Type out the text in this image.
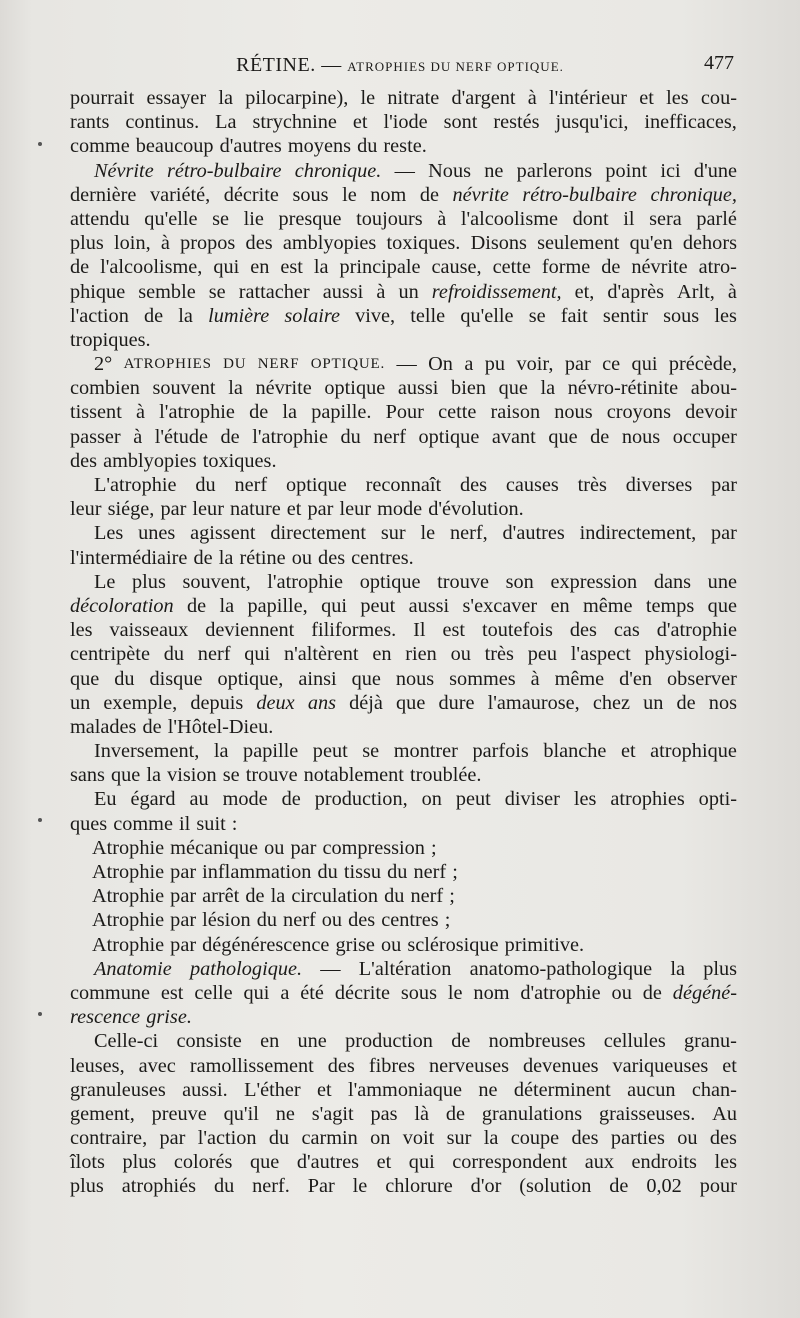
RÉTINE. — ATROPHIES DU NERF OPTIQUE.	477
pourrait essayer la pilocarpine), le nitrate d'argent à l'intérieur et les cou-
rants continus. La strychnine et l'iode sont restés jusqu'ici, inefficaces,
comme beaucoup d'autres moyens du reste.
Névrite rétro-bulbaire chronique. — Nous ne parlerons point ici d'une
dernière variété, décrite sous le nom de névrite rétro-bulbaire chronique,
attendu qu'elle se lie presque toujours à l'alcoolisme dont il sera parlé
plus loin, à propos des amblyopies toxiques. Disons seulement qu'en dehors
de l'alcoolisme, qui en est la principale cause, cette forme de névrite atro-
phique semble se rattacher aussi à un refroidissement, et, d'après Arlt, à
l'action de la lumière solaire vive, telle qu'elle se fait sentir sous les
tropiques.
2° ATROPHIES DU NERF OPTIQUE. — On a pu voir, par ce qui précède,
combien souvent la névrite optique aussi bien que la névro-rétinite abou-
tissent à l'atrophie de la papille. Pour cette raison nous croyons devoir
passer à l'étude de l'atrophie du nerf optique avant que de nous occuper
des amblyopies toxiques.
L'atrophie du nerf optique reconnaît des causes très diverses par
leur siége, par leur nature et par leur mode d'évolution.
Les unes agissent directement sur le nerf, d'autres indirectement, par
l'intermédiaire de la rétine ou des centres.
Le plus souvent, l'atrophie optique trouve son expression dans une
décoloration de la papille, qui peut aussi s'excaver en même temps que
les vaisseaux deviennent filiformes. Il est toutefois des cas d'atrophie
centripète du nerf qui n'altèrent en rien ou très peu l'aspect physiologi-
que du disque optique, ainsi que nous sommes à même d'en observer
un exemple, depuis deux ans déjà que dure l'amaurose, chez un de nos
malades de l'Hôtel-Dieu.
Inversement, la papille peut se montrer parfois blanche et atrophique
sans que la vision se trouve notablement troublée.
Eu égard au mode de production, on peut diviser les atrophies opti-
ques comme il suit :
Atrophie mécanique ou par compression ;
Atrophie par inflammation du tissu du nerf ;
Atrophie par arrêt de la circulation du nerf ;
Atrophie par lésion du nerf ou des centres ;
Atrophie par dégénérescence grise ou sclérosique primitive.
Anatomie pathologique. — L'altération anatomo-pathologique la plus
commune est celle qui a été décrite sous le nom d'atrophie ou de dégéné-
rescence grise.
Celle-ci consiste en une production de nombreuses cellules granu-
leuses, avec ramollissement des fibres nerveuses devenues variqueuses et
granuleuses aussi. L'éther et l'ammoniaque ne déterminent aucun chan-
gement, preuve qu'il ne s'agit pas là de granulations graisseuses. Au
contraire, par l'action du carmin on voit sur la coupe des parties ou des
îlots plus colorés que d'autres et qui correspondent aux endroits les
plus atrophiés du nerf. Par le chlorure d'or (solution de 0,02 pour
